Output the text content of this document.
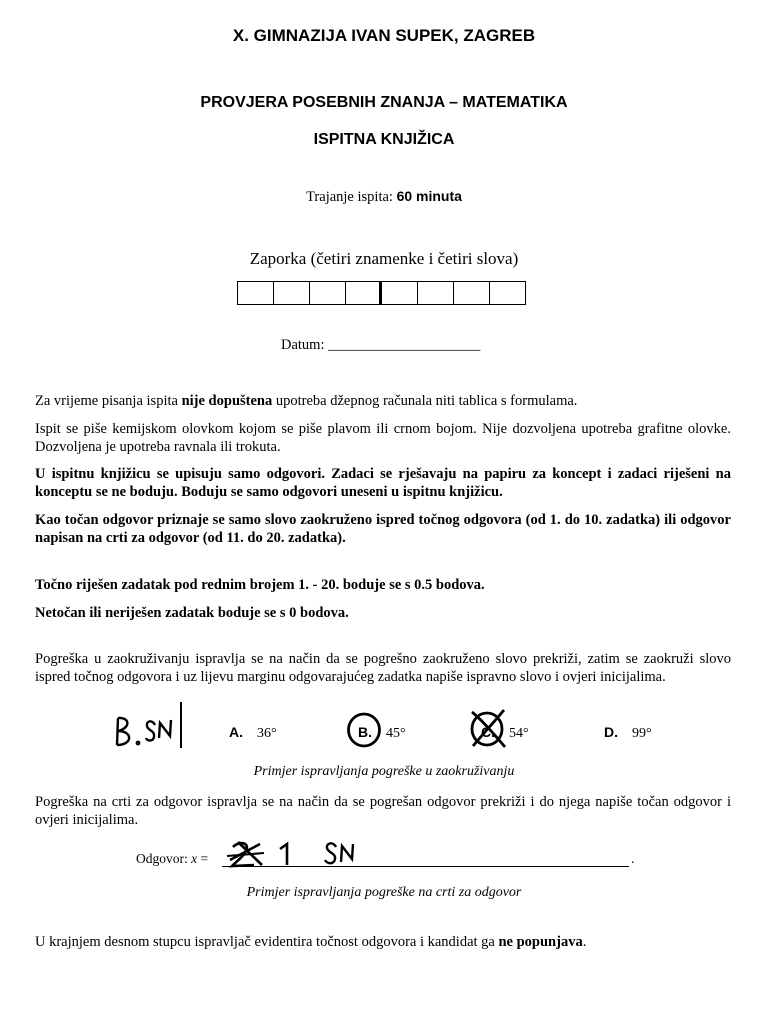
X. GIMNAZIJA IVAN SUPEK, ZAGREB
PROVJERA POSEBNIH ZNANJA – MATEMATIKA
ISPITNA KNJIŽICA
Trajanje ispita: 60 minuta
Zaporka (četiri znamenke i četiri slova)
Datum: _____________________

Za vrijeme pisanja ispita nije dopuštena upotreba džepnog računala niti tablica s formulama.

Ispit se piše kemijskom olovkom kojom se piše plavom ili crnom bojom. Nije dozvoljena upotreba grafitne olovke. Dozvoljena je upotreba ravnala ili trokuta.

U ispitnu knjižicu se upisuju samo odgovori. Zadaci se rješavaju na papiru za koncept i zadaci riješeni na konceptu se ne boduju. Boduju se samo odgovori uneseni u ispitnu knjižicu.

Kao točan odgovor priznaje se samo slovo zaokruženo ispred točnog odgovora (od 1. do 10. zadatka) ili odgovor napisan na crti za odgovor (od 11. do 20. zadatka).

Točno riješen zadatak pod rednim brojem 1. - 20. boduje se s 0.5 bodova.

Netočan ili neriješen zadatak boduje se s 0 bodova.

Pogreška u zaokruživanju ispravlja se na način da se pogrešno zaokruženo slovo prekriži, zatim se zaokruži slovo ispred točnog odgovora i uz lijevu marginu odgovarajućeg zadatka napiše ispravno slovo i ovjeri inicijalima.

A. 36°	B. 45°	C. 54°	D. 99°
Primjer ispravljanja pogreške u zaokruživanju

Pogreška na crti za odgovor ispravlja se na način da se pogrešan odgovor prekriži i do njega napiše točan odgovor i ovjeri inicijalima.

Odgovor: x =	.
Primjer ispravljanja pogreške na crti za odgovor

U krajnjem desnom stupcu ispravljač evidentira točnost odgovora i kandidat ga ne popunjava.
